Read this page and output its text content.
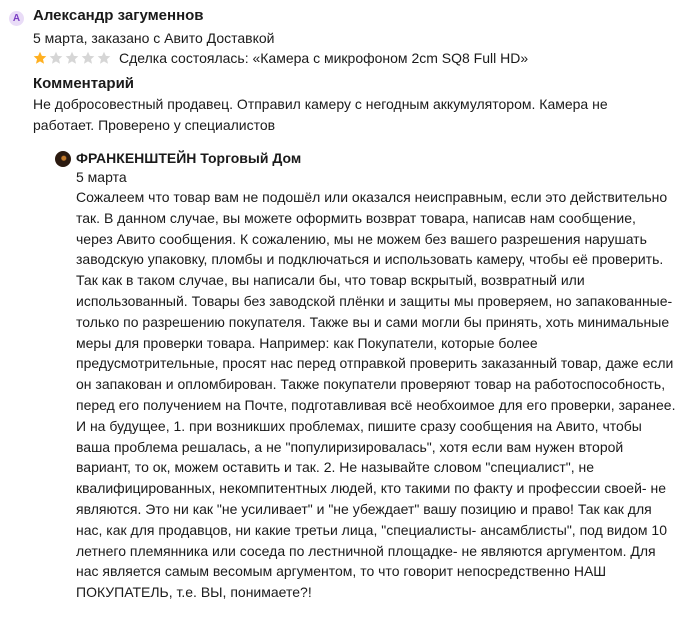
A Александр загуменнов
5 марта, заказано с Авито Доставкой
Сделка состоялась: «Камера с микрофоном 2cm SQ8 Full HD»
Комментарий
Не добросовестный продавец. Отправил камеру с негодным аккумулятором. Камера не работает. Проверено у специалистов
ФРАНКЕНШТЕЙН Торговый Дом
5 марта
Сожалеем что товар вам не подошёл или оказался неисправным, если это действительно так. В данном случае, вы можете оформить возврат товара, написав нам сообщение, через Авито сообщения. К сожалению, мы не можем без вашего разрешения нарушать заводскую упаковку, пломбы и подключаться и использовать камеру, чтобы её проверить. Так как в таком случае, вы написали бы, что товар вскрытый, возвратный или использованный. Товары без заводской плёнки и защиты мы проверяем, но запакованные- только по разрешению покупателя. Также вы и сами могли бы принять, хоть минимальные меры для проверки товара. Например: как Покупатели, которые более предусмотрительные, просят нас перед отправкой проверить заказанный товар, даже если он запакован и опломбирован. Также покупатели проверяют товар на работоспособность, перед его получением на Почте, подготавливая всё необхоимое для его проверки, заранее. И на будущее, 1. при возникших проблемах, пишите сразу сообщения на Авито, чтобы ваша проблема решалась, а не "популиризировалась", хотя если вам нужен второй вариант, то ок, можем оставить и так. 2. Не называйте словом "специалист", не квалифицированных, некомпитентных людей, кто такими по факту и профессии своей- не являются. Это ни как "не усиливает" и "не убеждает" вашу позицию и право! Так как для нас, как для продавцов, ни какие третьи лица, "специалисты- ансамблисты", под видом 10 летнего племянника или соседа по лестничной площадке- не являются аргументом. Для нас является самым весомым аргументом, то что говорит непосредственно НАШ ПОКУПАТЕЛЬ, т.е. ВЫ, понимаете?!
